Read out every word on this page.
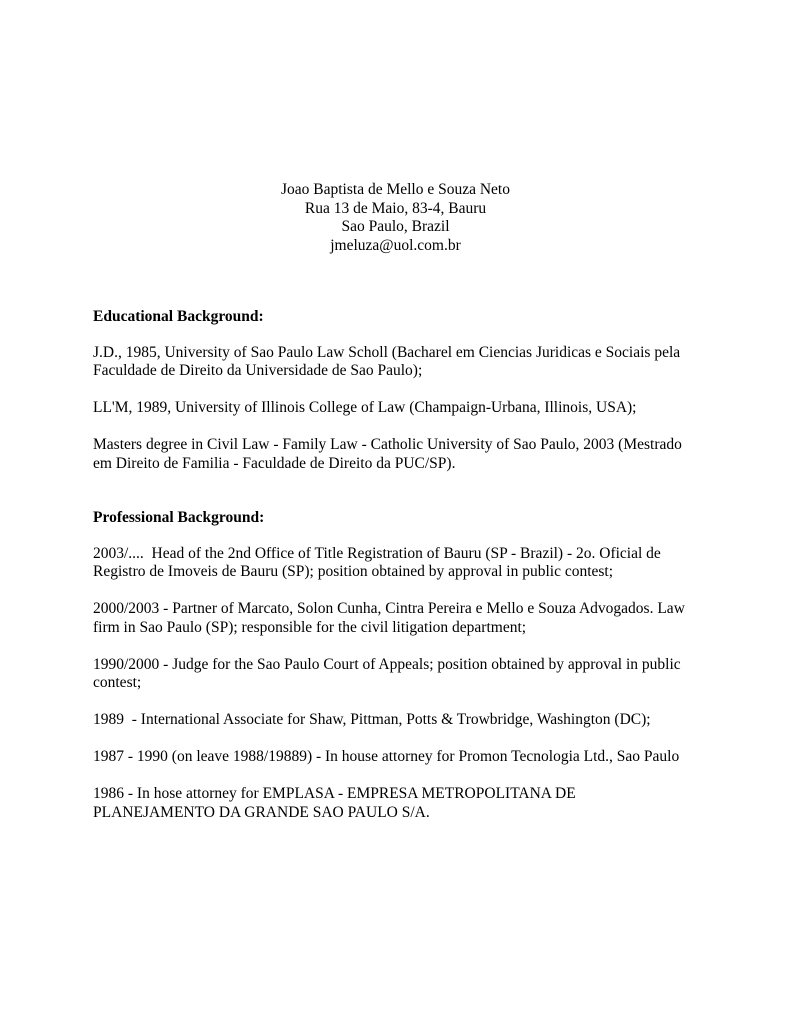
Joao Baptista de Mello e Souza Neto
Rua 13 de Maio, 83-4, Bauru
Sao Paulo, Brazil
jmeluza@uol.com.br
Educational Background:

J.D., 1985, University of Sao Paulo Law Scholl (Bacharel em Ciencias Juridicas e Sociais pela Faculdade de Direito da Universidade de Sao Paulo);

LL'M, 1989, University of Illinois College of Law (Champaign-Urbana, Illinois, USA);

Masters degree in Civil Law - Family Law - Catholic University of Sao Paulo, 2003 (Mestrado em Direito de Familia - Faculdade de Direito da PUC/SP).

Professional Background:

2003/....  Head of the 2nd Office of Title Registration of Bauru (SP - Brazil) - 2o. Oficial de Registro de Imoveis de Bauru (SP); position obtained by approval in public contest;

2000/2003 - Partner of Marcato, Solon Cunha, Cintra Pereira e Mello e Souza Advogados. Law firm in Sao Paulo (SP); responsible for the civil litigation department;

1990/2000 - Judge for the Sao Paulo Court of Appeals; position obtained by approval in public contest;

1989  - International Associate for Shaw, Pittman, Potts & Trowbridge, Washington (DC);

1987 - 1990 (on leave 1988/19889) - In house attorney for Promon Tecnologia Ltd., Sao Paulo

1986 - In hose attorney for EMPLASA - EMPRESA METROPOLITANA DE PLANEJAMENTO DA GRANDE SAO PAULO S/A.
